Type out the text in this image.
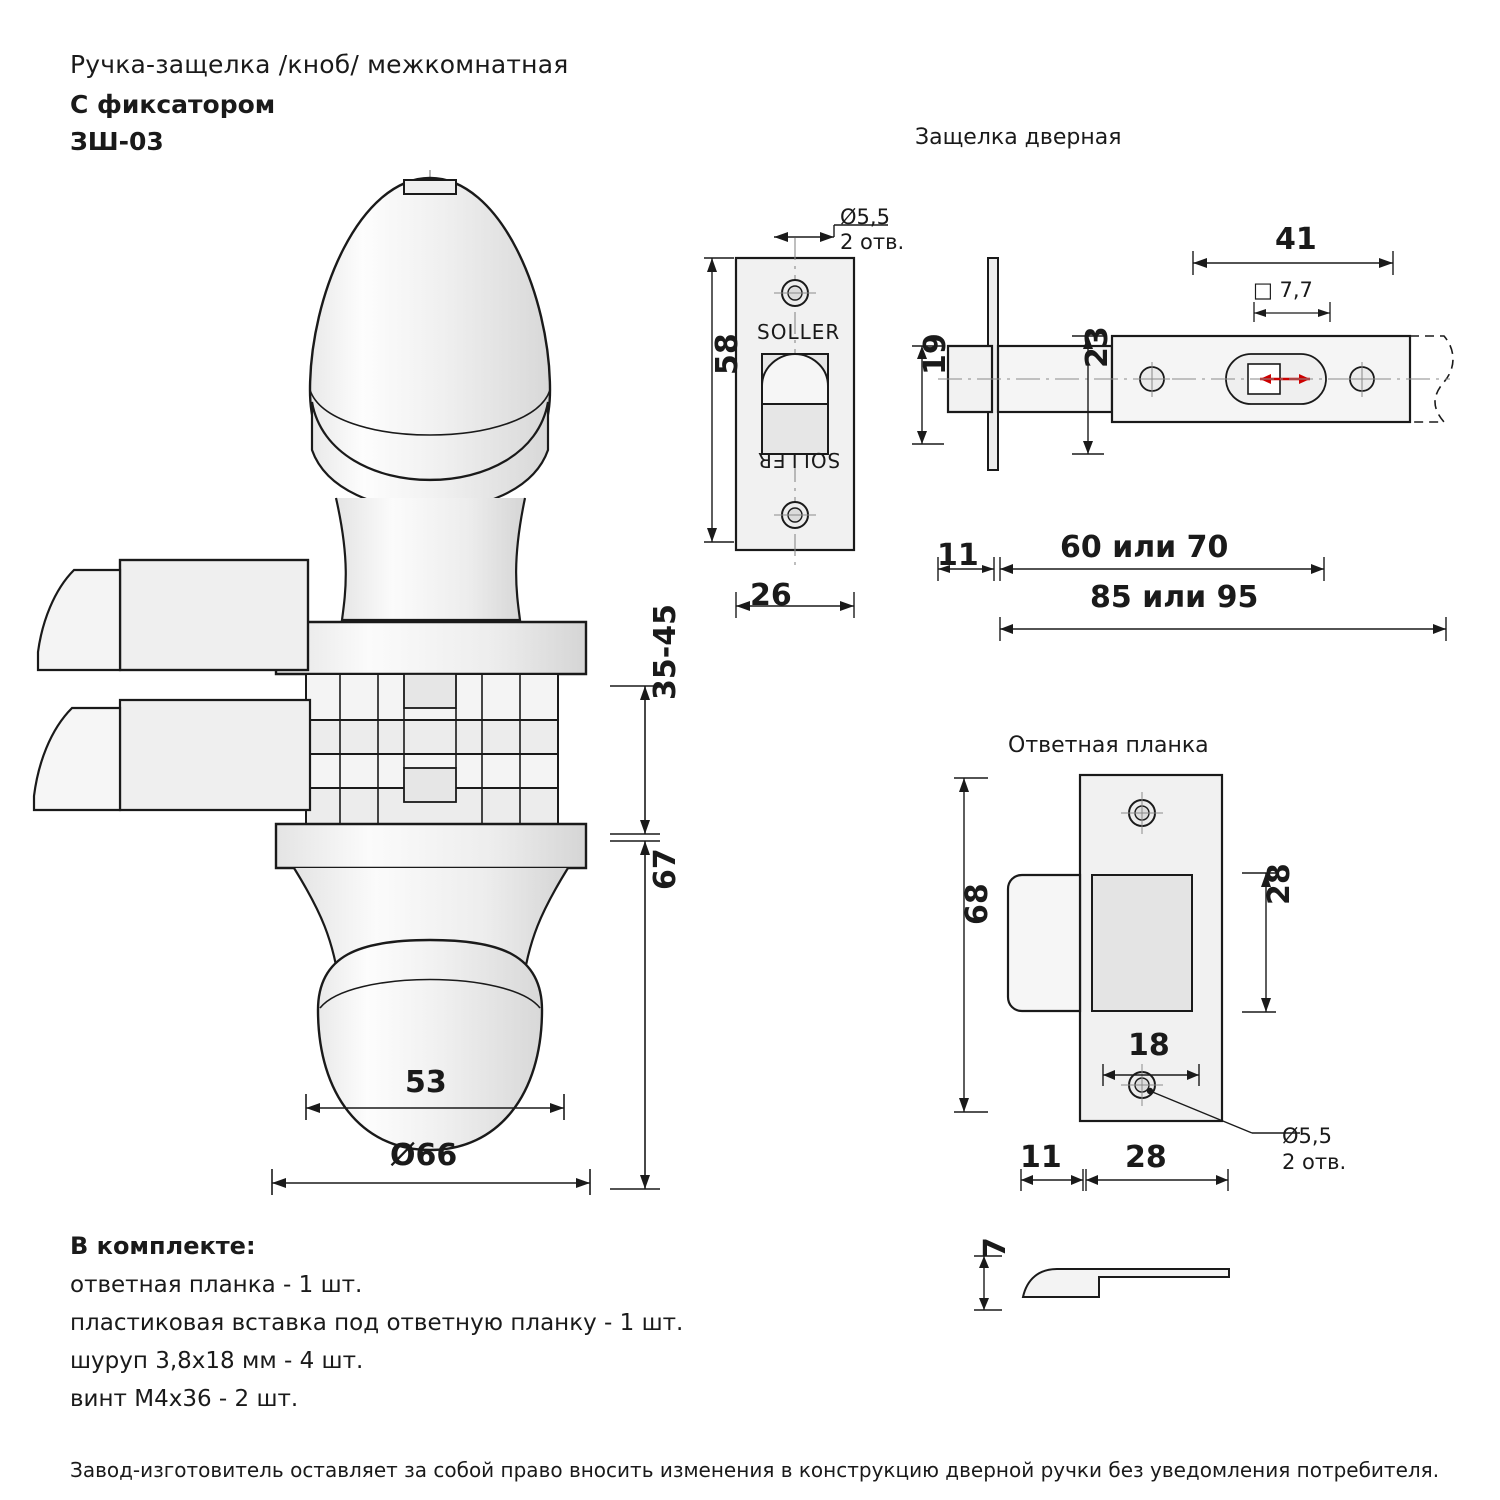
Ручка-защелка /кноб/ межкомнатная
С фиксатором
ЗШ-03	Защелка дверная
Ответная планка
35-45
67
53
Ø66
SOLLER
SOLLER
Ø5,5
2 отв.
58
26
41
□ 7,7
19	23
11	60 или 70
85 или 95
Ø5,5
2 отв.
68	28
18
11 28
7
В комплекте:
ответная планка - 1 шт.
пластиковая вставка под ответную планку - 1 шт.
шуруп 3,8х18 мм - 4 шт.
винт М4х36 - 2 шт.
Завод-изготовитель оставляет за собой право вносить изменения в конструкцию дверной ручки без уведомления потребителя.
